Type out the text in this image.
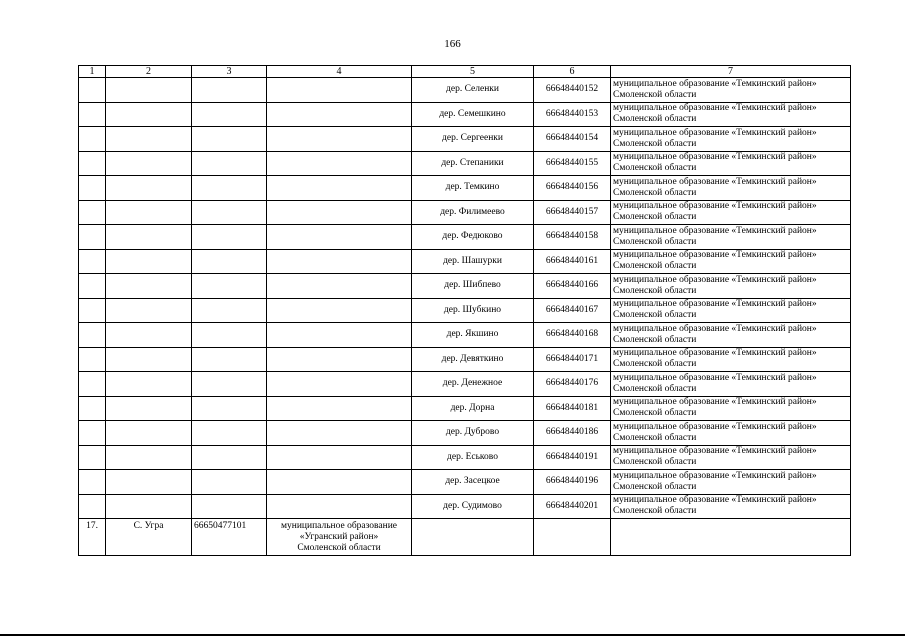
166
1	2	3	4	5	6	7
				дер. Селенки	66648440152	муниципальное образование «Темкинский район»
Смоленской области

				дер. Семешкино	66648440153	муниципальное образование «Темкинский район»
Смоленской области

				дер. Сергеенки	66648440154	муниципальное образование «Темкинский район»
Смоленской области

				дер. Степаники	66648440155	муниципальное образование «Темкинский район»
Смоленской области

				дер. Темкино	66648440156	муниципальное образование «Темкинский район»
Смоленской области

				дер. Филимеево	66648440157	муниципальное образование «Темкинский район»
Смоленской области

				дер. Федюково	66648440158	муниципальное образование «Темкинский район»
Смоленской области

				дер. Шашурки	66648440161	муниципальное образование «Темкинский район»
Смоленской области

				дер. Шибпево	66648440166	муниципальное образование «Темкинский район»
Смоленской области

				дер. Шубкино	66648440167	муниципальное образование «Темкинский район»
Смоленской области

				дер. Якшино	66648440168	муниципальное образование «Темкинский район»
Смоленской области

				дер. Девяткино	66648440171	муниципальное образование «Темкинский район»
Смоленской области

				дер. Денежное	66648440176	муниципальное образование «Темкинский район»
Смоленской области

				дер. Дорна	66648440181	муниципальное образование «Темкинский район»
Смоленской области

				дер. Дуброво	66648440186	муниципальное образование «Темкинский район»
Смоленской области

				дер. Еськово	66648440191	муниципальное образование «Темкинский район»
Смоленской области

				дер. Засецкое	66648440196	муниципальное образование «Темкинский район»
Смоленской области

				дер. Судимово	66648440201	муниципальное образование «Темкинский район»
Смоленской области

17.	С. Угра	66650477101	муниципальное образование
«Угранский район»
Смоленской области			
